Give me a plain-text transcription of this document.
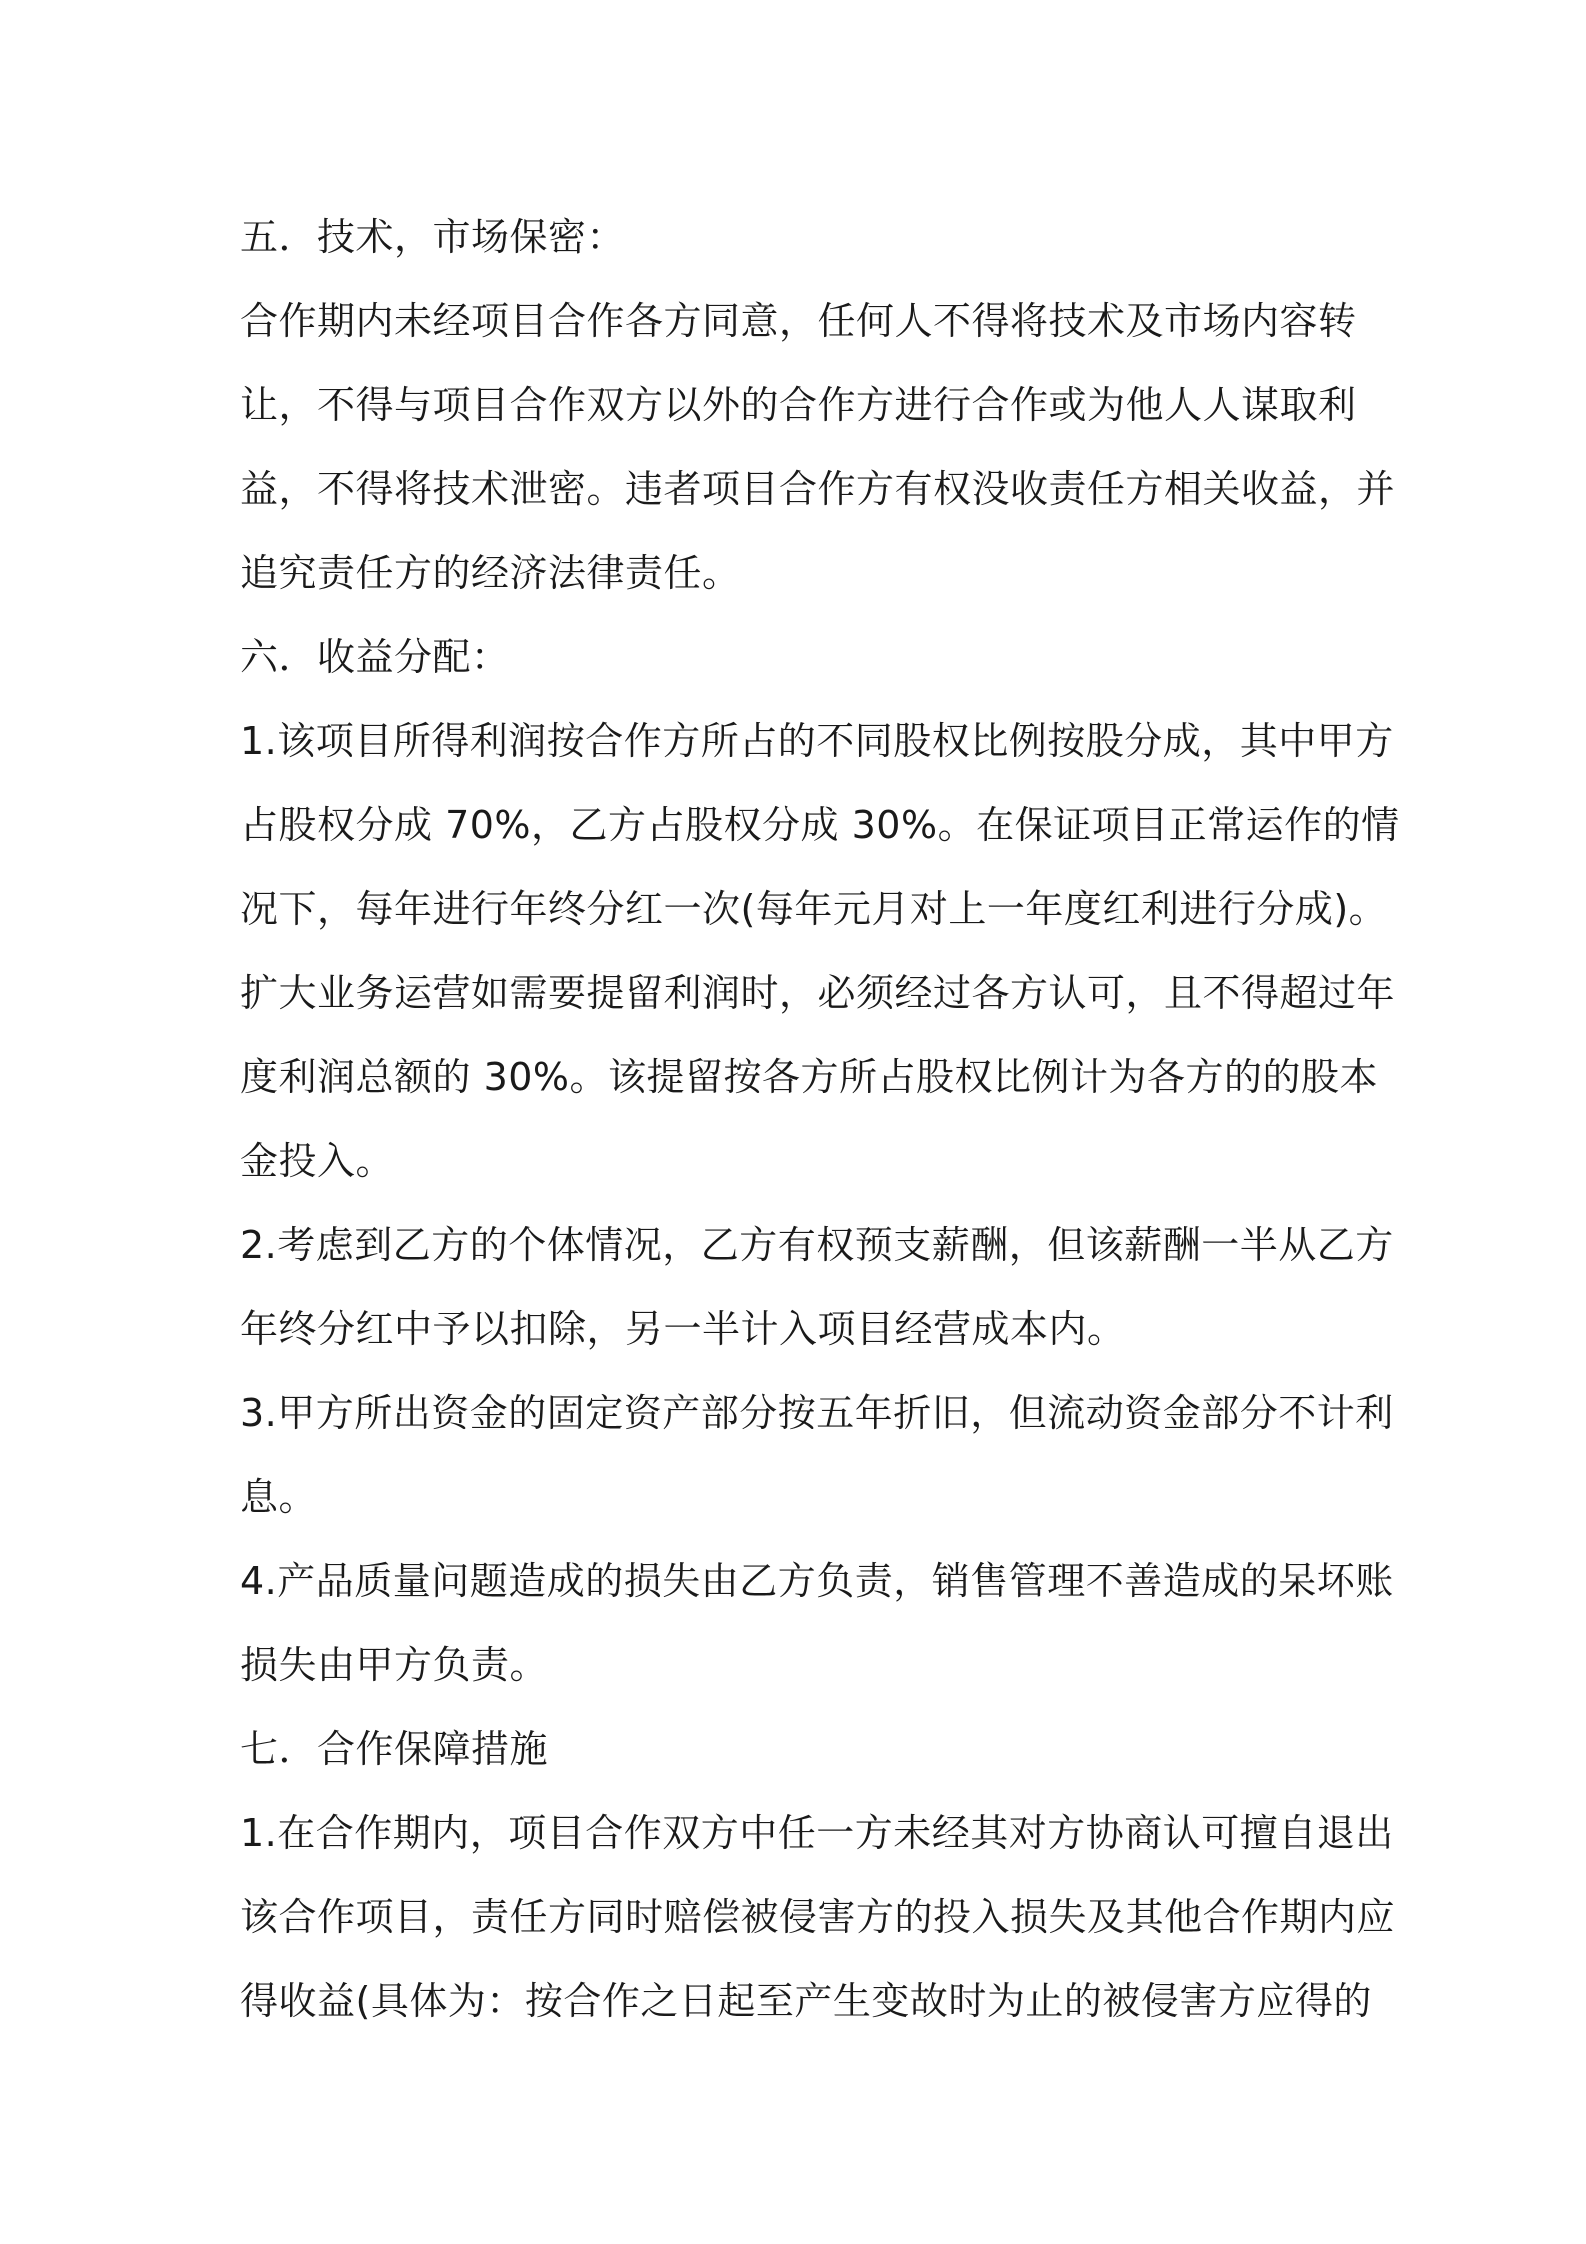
五．技术，市场保密：
合作期内未经项目合作各方同意，任何人不得将技术及市场内容转
让，不得与项目合作双方以外的合作方进行合作或为他人人谋取利
益，不得将技术泄密。违者项目合作方有权没收责任方相关收益，并
追究责任方的经济法律责任。
六．收益分配：
1.该项目所得利润按合作方所占的不同股权比例按股分成，其中甲方
占股权分成 70%，乙方占股权分成 30%。在保证项目正常运作的情
况下，每年进行年终分红一次(每年元月对上一年度红利进行分成)。
扩大业务运营如需要提留利润时，必须经过各方认可，且不得超过年
度利润总额的 30%。该提留按各方所占股权比例计为各方的的股本
金投入。
2.考虑到乙方的个体情况，乙方有权预支薪酬，但该薪酬一半从乙方
年终分红中予以扣除，另一半计入项目经营成本内。
3.甲方所出资金的固定资产部分按五年折旧，但流动资金部分不计利
息。
4.产品质量问题造成的损失由乙方负责，销售管理不善造成的呆坏账
损失由甲方负责。
七．合作保障措施
1.在合作期内，项目合作双方中任一方未经其对方协商认可擅自退出
该合作项目，责任方同时赔偿被侵害方的投入损失及其他合作期内应
得收益(具体为：按合作之日起至产生变故时为止的被侵害方应得的
